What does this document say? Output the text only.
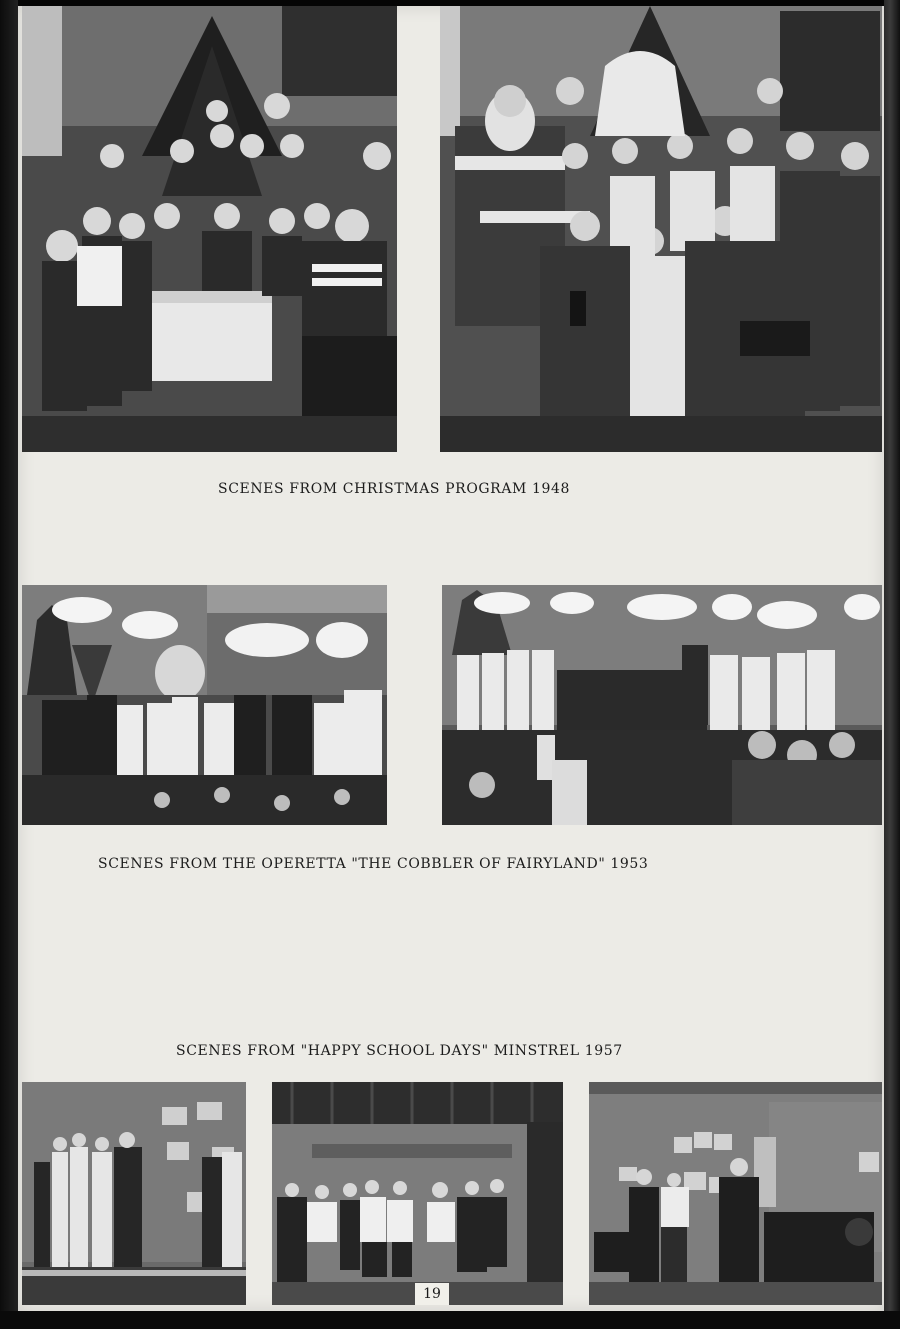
SCENES FROM CHRISTMAS PROGRAM 1948
SCENES FROM THE OPERETTA "THE COBBLER OF FAIRYLAND" 1953
SCENES FROM "HAPPY SCHOOL DAYS" MINSTREL 1957
19
